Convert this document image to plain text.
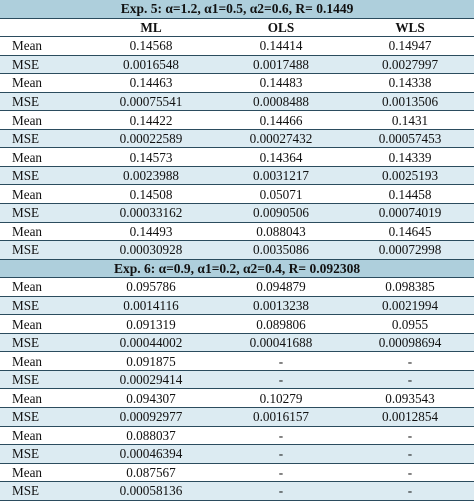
Exp. 5: α=1.2, α1=0.5, α2=0.6, R= 0.1449			
	ML	OLS	WLS
Mean	0.14568	0.14414	0.14947
MSE	0.0016548	0.0017488	0.0027997
Mean	0.14463	0.14483	0.14338
MSE	0.00075541	0.0008488	0.0013506
Mean	0.14422	0.14466	0.1431
MSE	0.00022589	0.00027432	0.00057453
Mean	0.14573	0.14364	0.14339
MSE	0.0023988	0.0031217	0.0025193
Mean	0.14508	0.05071	0.14458
MSE	0.00033162	0.0090506	0.00074019
Mean	0.14493	0.088043	0.14645
MSE	0.00030928	0.0035086	0.00072998
Exp. 6: α=0.9, α1=0.2, α2=0.4, R= 0.092308			
Mean	0.095786	0.094879	0.098385
MSE	0.0014116	0.0013238	0.0021994
Mean	0.091319	0.089806	0.0955
MSE	0.00044002	0.00041688	0.00098694
Mean	0.091875	-	-
MSE	0.00029414	-	-
Mean	0.094307	0.10279	0.093543
MSE	0.00092977	0.0016157	0.0012854
Mean	0.088037	-	-
MSE	0.00046394	-	-
Mean	0.087567	-	-
MSE	0.00058136	-	-
